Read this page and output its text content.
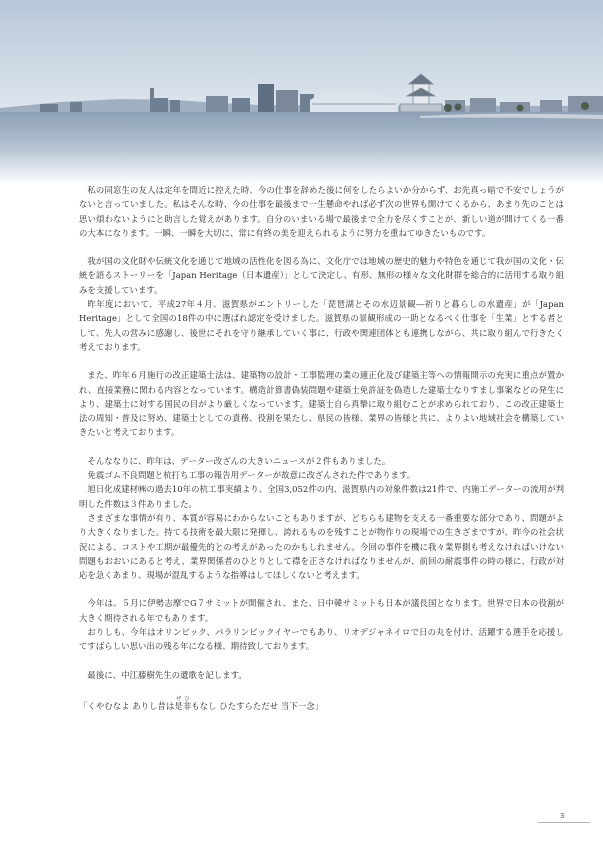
私の同窓生の友人は定年を間近に控えた時、今の仕事を辞めた後に何をしたらよいか分からず、お先真っ暗で不安でしょうがないと言っていました。私はそんな時、今の仕事を最後まで一生懸命やれば必ず次の世界も開けてくるから、あまり先のことは思い煩わないようにと助言した覚えがあります。自分のいまいる場で最後まで全力を尽くすことが、新しい道が開けてくる一番の大本になります。一瞬、一瞬を大切に、常に有終の美を迎えられるように努力を重ねてゆきたいものです。

我が国の文化財や伝統文化を通じて地域の活性化を図る為に、文化庁では地域の歴史的魅力や特色を通じて我が国の文化・伝統を語るストーリーを「Japan Heritage（日本遺産）」として決定し、有形、無形の様々な文化財群を総合的に活用する取り組みを支援しています。

昨年度において、平成27年４月、滋賀県がエントリーした「琵琶湖とその水辺景観―祈りと暮らしの水遺産」が「Japan Heritage」として全国の18件の中に選ばれ認定を受けました。滋賀県の景観形成の一助となるべく仕事を「生業」とする者として、先人の営みに感謝し、後世にそれを守り継承していく事に、行政や関連団体とも連携しながら、共に取り組んで行きたく考えております。

また、昨年６月施行の改正建築士法は、建築物の設計・工事監理の業の適正化及び建築主等への情報開示の充実に重点が置かれ、直接業務に関わる内容となっています。構造計算書偽装問題や建築士免許証を偽造した建築士なりすまし事案などの発生により、建築士に対する国民の目がより厳しくなっています。建築士自ら真摯に取り組むことが求められており、この改正建築士法の周知・普及に努め、建築士としての責務、役割を果たし、県民の皆様、業界の皆様と共に、よりよい地域社会を構築していきたいと考えております。

そんななりに、昨年は、データー改ざんの大きいニュースが２件もありました。

免震ゴム不良問題と杭打ち工事の報告用データーが故意に改ざんされた件であります。

旭日化成建材㈱の過去10年の杭工事実績より、全国3,052件の内、滋賀県内の対象件数は21件で、内施工データーの流用が判明した件数は３件ありました。

さまざまな事情が有り、本質が容易にわからないこともありますが、どちらも建物を支える一番重要な部分であり、問題がより大きくなりました。持てる技術を最大限に発揮し、誇れるものを残すことが物作りの現場での生きざまですが、昨今の社会状況による、コストや工期が最優先的との考えがあったのかもしれません。今回の事件を機に我々業界側も考えなければいけない問題もおおいにあると考え、業界関係者のひとりとして襟を正さなければなりませんが、前回の耐震事件の時の様に、行政が対応を急くあまり、現場が混乱するような指導はしてほしくないと考えます。

今年は、５月に伊勢志摩でG７サミットが開催され、また、日中韓サミットも日本が議長国となります。世界で日本の役割が大きく期待される年でもあります。

おりしも、今年はオリンピック、パラリンピックイヤーでもあり、リオデジャネイロで日の丸を付け、活躍する選手を応援してすばらしい思い出の残る年になる様、期待致しております。

最後に、中江藤樹先生の遺歌を記します。

「くやむなよ ありし昔は是非ぜひもなし ひたすらただせ 当下一念」

3
